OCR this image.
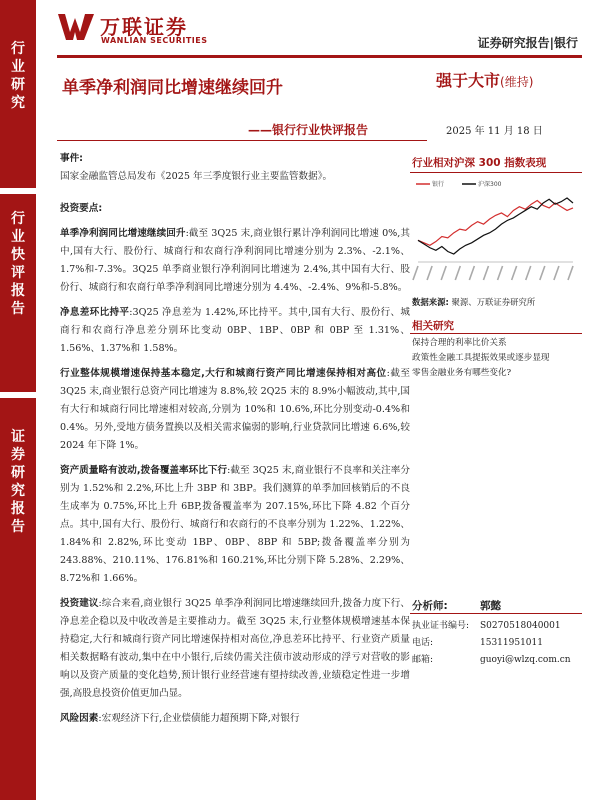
行
业
研
究
行
业
快
评
报
告
证
券
研
究
报
告
万联证券
WANLIAN SECURITIES	证券研究报告|银行
单季净利润同比增速继续回升	强于大市(维持)
——银行行业快评报告	2025 年 11 月 18 日

事件:

国家金融监管总局发布《2025 年三季度银行业主要监管数据》。

投资要点:

单季净利润同比增速继续回升:截至 3Q25 末,商业银行累计净利润同比增速 0%,其中,国有大行、股份行、城商行和农商行净利润同比增速分别为 2.3%、-2.1%、1.7%和-7.3%。3Q25 单季商业银行净利润同比增速为 2.4%,其中国有大行、股份行、城商行和农商行单季净利润同比增速分别为 4.4%、-2.4%、9%和-5.8%。

净息差环比持平:3Q25 净息差为 1.42%,环比持平。其中,国有大行、股份行、城商行和农商行净息差分别环比变动 0BP、1BP、0BP 和 0BP 至 1.31%、1.56%、1.37%和 1.58%。

行业整体规模增速保持基本稳定,大行和城商行资产同比增速保持相对高位:截至 3Q25 末,商业银行总资产同比增速为 8.8%,较 2Q25 末的 8.9%小幅波动,其中,国有大行和城商行同比增速相对较高,分别为 10%和 10.6%,环比分别变动-0.4%和 0.4%。另外,受地方债务置换以及相关需求偏弱的影响,行业贷款同比增速 6.6%,较 2024 年下降 1%。

资产质量略有波动,拨备覆盖率环比下行:截至 3Q25 末,商业银行不良率和关注率分别为 1.52%和 2.2%,环比上升 3BP 和 3BP。我们测算的单季加回核销后的不良生成率为 0.75%,环比上升 6BP,拨备覆盖率为 207.15%,环比下降 4.82 个百分点。其中,国有大行、股份行、城商行和农商行的不良率分别为 1.22%、1.22%、1.84%和 2.82%,环比变动 1BP、0BP、8BP 和 5BP;拨备覆盖率分别为 243.88%、210.11%、176.81%和 160.21%,环比分别下降 5.28%、2.29%、8.72%和 1.66%。

投资建议:综合来看,商业银行 3Q25 单季净利润同比增速继续回升,拨备力度下行、净息差企稳以及中收改善是主要推动力。截至 3Q25 末,行业整体规模增速基本保持稳定,大行和城商行资产同比增速保持相对高位,净息差环比持平、行业资产质量相关数据略有波动,集中在中小银行,后续仍需关注债市波动形成的浮亏对营收的影响以及资产质量的变化趋势,预计银行业经营速有望持续改善,业绩稳定性进一步增强,高股息投资价值更加凸显。

风险因素:宏观经济下行,企业偿债能力超预期下降,对银行

行业相对沪深 300 指数表现
银行	沪深300
数据来源: 聚源、万联证券研究所
相关研究
保持合理的利率比价关系
政策性金融工具提振效果或逐步显现
零售金融业务有哪些变化?
分析师:	郭懿
执业证书编号: S0270518040001
电话:	15311951011
邮箱:	guoyi@wlzq.com.cn
